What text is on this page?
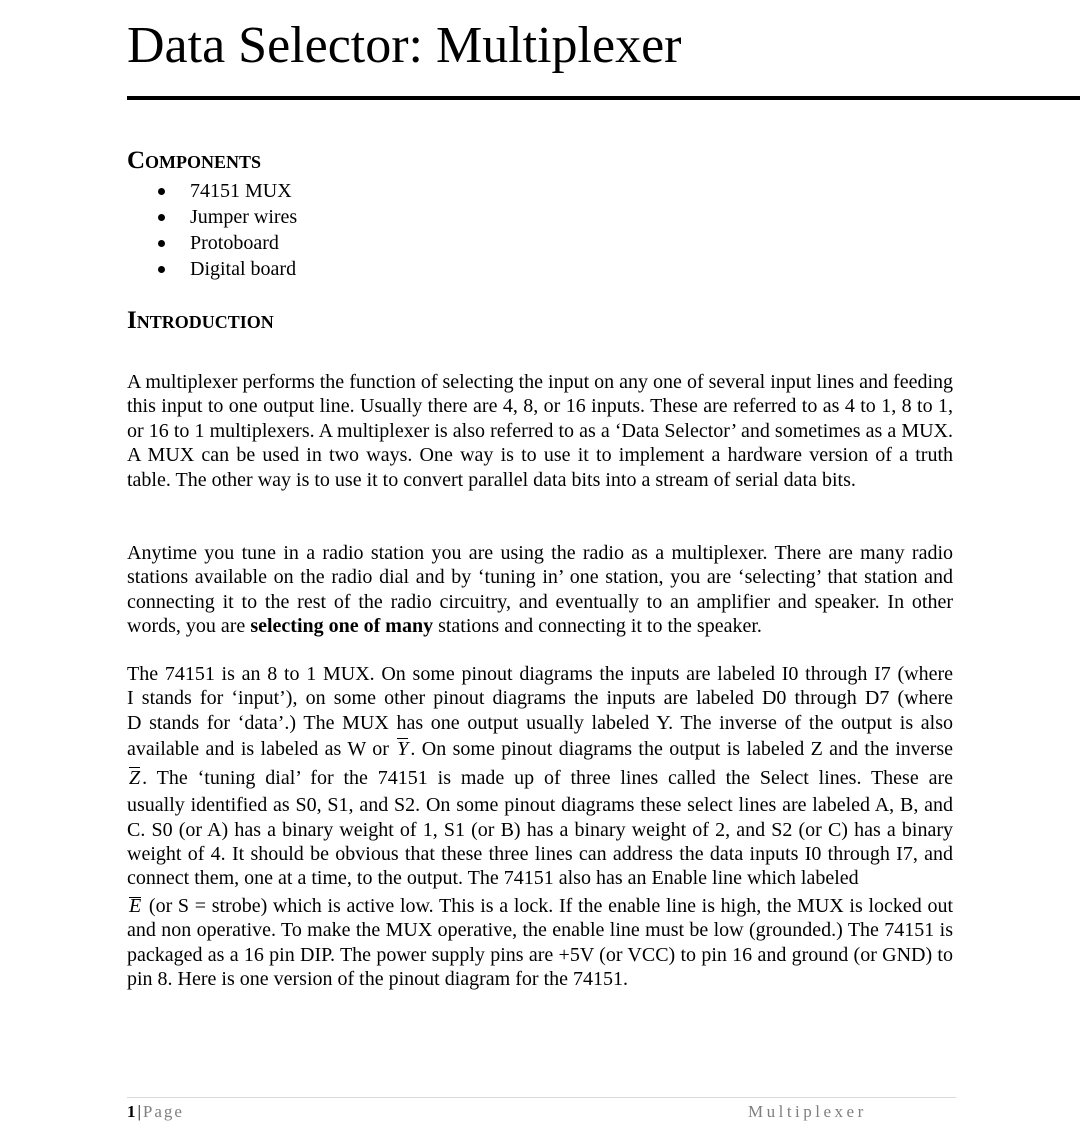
Data Selector: Multiplexer
Components
74151 MUX
Jumper wires
Protoboard
Digital board
Introduction

A multiplexer performs the function of selecting the input on any one of several input lines and feeding this input to one output line. Usually there are 4, 8, or 16 inputs. These are referred to as 4 to 1, 8 to 1, or 16 to 1 multiplexers. A multiplexer is also referred to as a ‘Data Selector’ and sometimes as a MUX. A MUX can be used in two ways. One way is to use it to implement a hardware version of a truth table. The other way is to use it to convert parallel data bits into a stream of serial data bits.

Anytime you tune in a radio station you are using the radio as a multiplexer. There are many radio stations available on the radio dial and by ‘tuning in’ one station, you are ‘selecting’ that station and connecting it to the rest of the radio circuitry, and eventually to an amplifier and speaker. In other words, you are selecting one of many stations and connecting it to the speaker.

The 74151 is an 8 to 1 MUX. On some pinout diagrams the inputs are labeled I0 through I7 (where
I stands for ‘input’), on some other pinout diagrams the inputs are labeled D0 through D7 (where
D stands for ‘data’.) The MUX has one output usually labeled Y. The inverse of the output is also
available and is labeled as W or Y . On some pinout diagrams the output is labeled Z and the inverse
Z . The ‘tuning dial’ for the 74151 is made up of three lines called the Select lines. These are
usually identified as S0, S1, and S2. On some pinout diagrams these select lines are labeled A, B, and C. S0 (or A) has a binary weight of 1, S1 (or B) has a binary weight of 2, and S2 (or C) has a binary weight of 4. It should be obvious that these three lines can address the data inputs I0 through I7, and connect them, one at a time, to the output. The 74151 also has an Enable line which labeled
E (or S = strobe) which is active low. This is a lock. If the enable line is high, the MUX is locked out and non operative. To make the MUX operative, the enable line must be low (grounded.) The 74151 is packaged as a 16 pin DIP. The power supply pins are +5V (or VCC) to pin 16 and ground (or GND) to pin 8. Here is one version of the pinout diagram for the 74151.
1 | Page	Multiplexer
